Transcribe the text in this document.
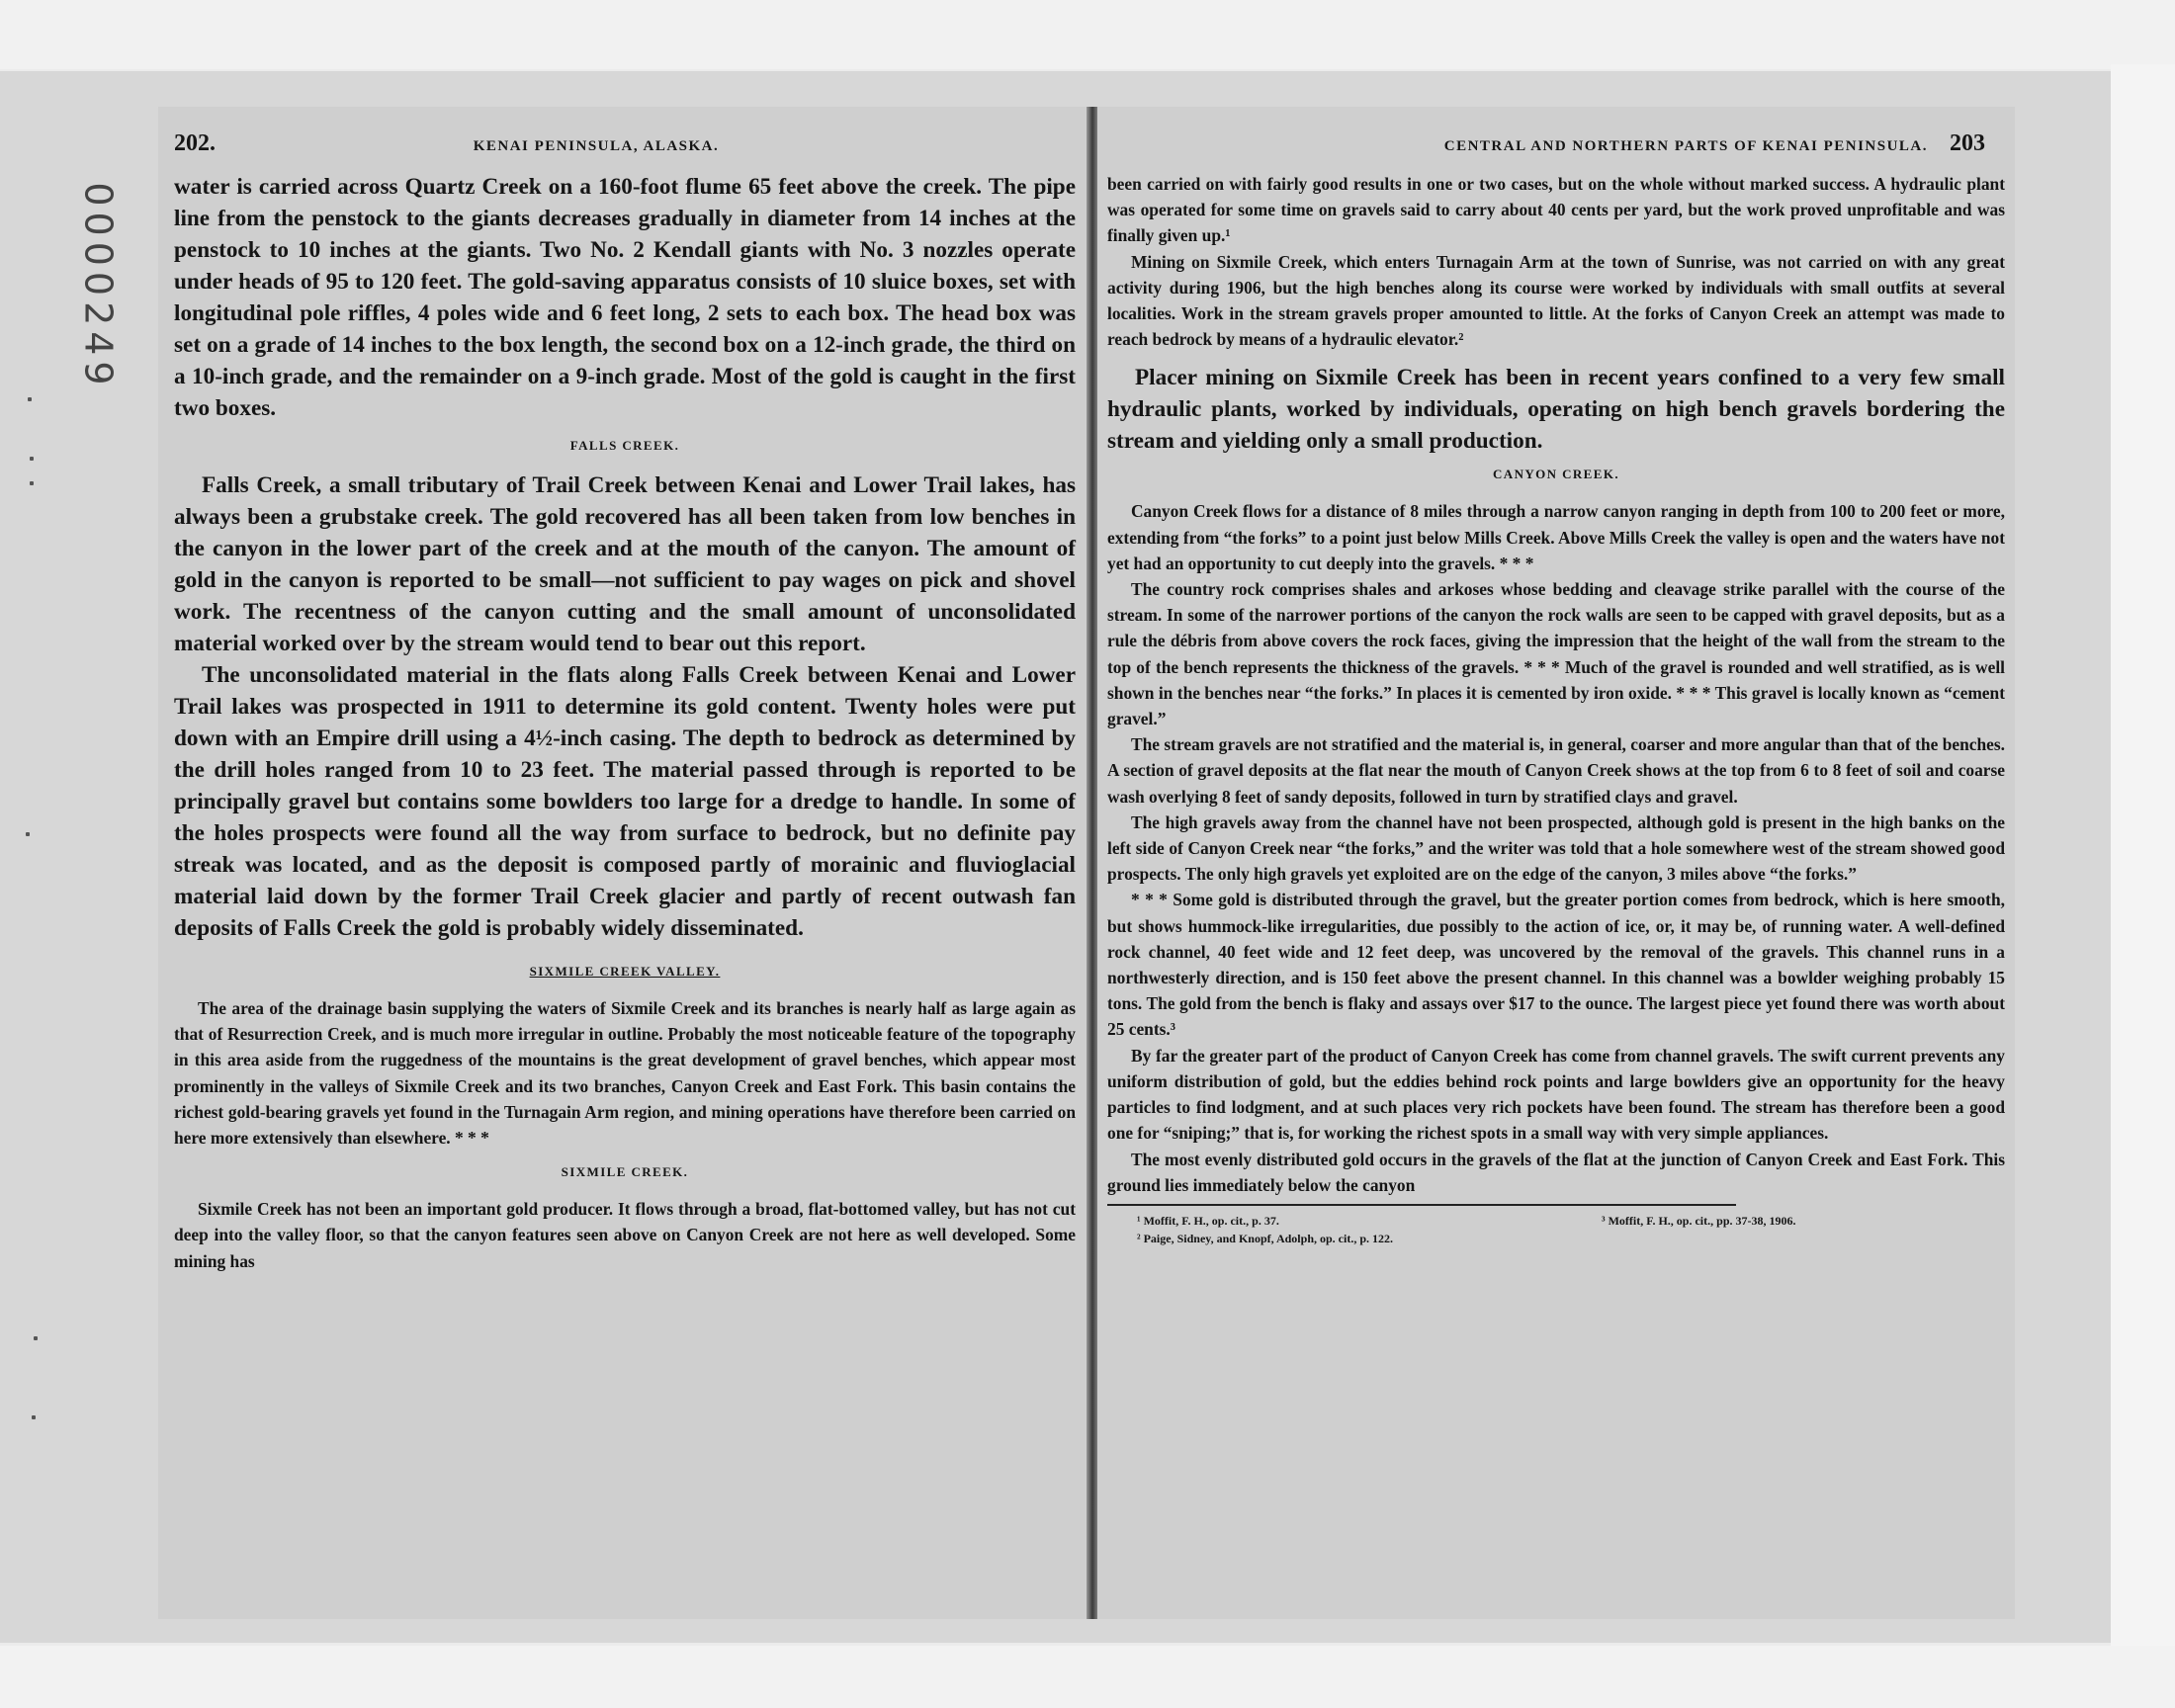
0000249
202.	KENAI PENINSULA, ALASKA.

water is carried across Quartz Creek on a 160-foot flume 65 feet above the creek. The pipe line from the penstock to the giants decreases gradually in diameter from 14 inches at the penstock to 10 inches at the giants. Two No. 2 Kendall giants with No. 3 nozzles operate under heads of 95 to 120 feet. The gold-saving apparatus consists of 10 sluice boxes, set with longitudinal pole riffles, 4 poles wide and 6 feet long, 2 sets to each box. The head box was set on a grade of 14 inches to the box length, the second box on a 12-inch grade, the third on a 10-inch grade, and the remainder on a 9-inch grade. Most of the gold is caught in the first two boxes.

FALLS CREEK.

Falls Creek, a small tributary of Trail Creek between Kenai and Lower Trail lakes, has always been a grubstake creek. The gold recovered has all been taken from low benches in the canyon in the lower part of the creek and at the mouth of the canyon. The amount of gold in the canyon is reported to be small—not sufficient to pay wages on pick and shovel work. The recentness of the canyon cutting and the small amount of unconsolidated material worked over by the stream would tend to bear out this report.

The unconsolidated material in the flats along Falls Creek between Kenai and Lower Trail lakes was prospected in 1911 to determine its gold content. Twenty holes were put down with an Empire drill using a 4½-inch casing. The depth to bedrock as determined by the drill holes ranged from 10 to 23 feet. The material passed through is reported to be principally gravel but contains some bowlders too large for a dredge to handle. In some of the holes prospects were found all the way from surface to bedrock, but no definite pay streak was located, and as the deposit is composed partly of morainic and fluvioglacial material laid down by the former Trail Creek glacier and partly of recent outwash fan deposits of Falls Creek the gold is probably widely disseminated.

SIXMILE CREEK VALLEY.

The area of the drainage basin supplying the waters of Sixmile Creek and its branches is nearly half as large again as that of Resurrection Creek, and is much more irregular in outline. Probably the most noticeable feature of the topography in this area aside from the ruggedness of the mountains is the great development of gravel benches, which appear most prominently in the valleys of Sixmile Creek and its two branches, Canyon Creek and East Fork. This basin contains the richest gold-bearing gravels yet found in the Turnagain Arm region, and mining operations have therefore been carried on here more extensively than elsewhere. * * *

SIXMILE CREEK.

Sixmile Creek has not been an important gold producer. It flows through a broad, flat-bottomed valley, but has not cut deep into the valley floor, so that the canyon features seen above on Canyon Creek are not here as well developed. Some mining has

CENTRAL AND NORTHERN PARTS OF KENAI PENINSULA. 203

been carried on with fairly good results in one or two cases, but on the whole without marked success. A hydraulic plant was operated for some time on gravels said to carry about 40 cents per yard, but the work proved unprofitable and was finally given up.¹

Mining on Sixmile Creek, which enters Turnagain Arm at the town of Sunrise, was not carried on with any great activity during 1906, but the high benches along its course were worked by individuals with small outfits at several localities. Work in the stream gravels proper amounted to little. At the forks of Canyon Creek an attempt was made to reach bedrock by means of a hydraulic elevator.²

Placer mining on Sixmile Creek has been in recent years confined to a very few small hydraulic plants, worked by individuals, operating on high bench gravels bordering the stream and yielding only a small production.

CANYON CREEK.

Canyon Creek flows for a distance of 8 miles through a narrow canyon ranging in depth from 100 to 200 feet or more, extending from “the forks” to a point just below Mills Creek. Above Mills Creek the valley is open and the waters have not yet had an opportunity to cut deeply into the gravels. * * *

The country rock comprises shales and arkoses whose bedding and cleavage strike parallel with the course of the stream. In some of the narrower portions of the canyon the rock walls are seen to be capped with gravel deposits, but as a rule the débris from above covers the rock faces, giving the impression that the height of the wall from the stream to the top of the bench represents the thickness of the gravels. * * * Much of the gravel is rounded and well stratified, as is well shown in the benches near “the forks.” In places it is cemented by iron oxide. * * * This gravel is locally known as “cement gravel.”

The stream gravels are not stratified and the material is, in general, coarser and more angular than that of the benches. A section of gravel deposits at the flat near the mouth of Canyon Creek shows at the top from 6 to 8 feet of soil and coarse wash overlying 8 feet of sandy deposits, followed in turn by stratified clays and gravel.

The high gravels away from the channel have not been prospected, although gold is present in the high banks on the left side of Canyon Creek near “the forks,” and the writer was told that a hole somewhere west of the stream showed good prospects. The only high gravels yet exploited are on the edge of the canyon, 3 miles above “the forks.”

* * * Some gold is distributed through the gravel, but the greater portion comes from bedrock, which is here smooth, but shows hummock-like irregularities, due possibly to the action of ice, or, it may be, of running water. A well-defined rock channel, 40 feet wide and 12 feet deep, was uncovered by the removal of the gravels. This channel runs in a northwesterly direction, and is 150 feet above the present channel. In this channel was a bowlder weighing probably 15 tons. The gold from the bench is flaky and assays over $17 to the ounce. The largest piece yet found there was worth about 25 cents.³

By far the greater part of the product of Canyon Creek has come from channel gravels. The swift current prevents any uniform distribution of gold, but the eddies behind rock points and large bowlders give an opportunity for the heavy particles to find lodgment, and at such places very rich pockets have been found. The stream has therefore been a good one for “sniping;” that is, for working the richest spots in a small way with very simple appliances.

The most evenly distributed gold occurs in the gravels of the flat at the junction of Canyon Creek and East Fork. This ground lies immediately below the canyon

¹ Moffit, F. H., op. cit., p. 37.	³ Moffit, F. H., op. cit., pp. 37-38, 1906.
² Paige, Sidney, and Knopf, Adolph, op. cit., p. 122.
